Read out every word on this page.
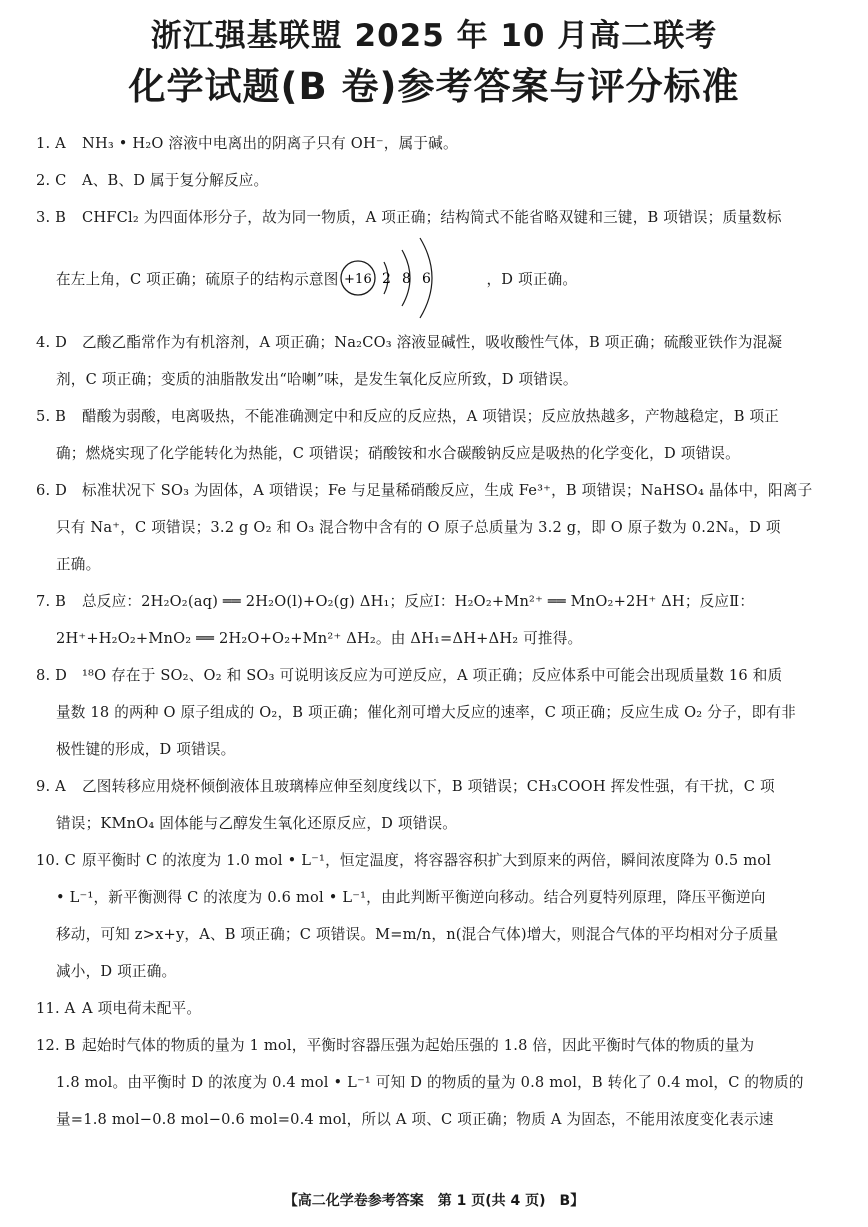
浙江强基联盟 2025 年 10 月高二联考
化学试题(B 卷)参考答案与评分标准
1. A NH₃ • H₂O 溶液中电离出的阴离子只有 OH⁻，属于碱。
2. C A、B、D 属于复分解反应。
3. B CHFCl₂ 为四面体形分子，故为同一物质，A 项正确；结构简式不能省略双键和三键，B 项错误；质量数标
在左上角，C 项正确；硫原子的结构示意图	，D 项正确。
+16 2 8 6
4. D 乙酸乙酯常作为有机溶剂，A 项正确；Na₂CO₃ 溶液显碱性，吸收酸性气体，B 项正确；硫酸亚铁作为混凝
剂，C 项正确；变质的油脂散发出“哈喇”味，是发生氧化反应所致，D 项错误。
5. B 醋酸为弱酸，电离吸热，不能准确测定中和反应的反应热，A 项错误；反应放热越多，产物越稳定，B 项正
确；燃烧实现了化学能转化为热能，C 项错误；硝酸铵和水合碳酸钠反应是吸热的化学变化，D 项错误。
6. D 标准状况下 SO₃ 为固体，A 项错误；Fe 与足量稀硝酸反应，生成 Fe³⁺，B 项错误；NaHSO₄ 晶体中，阳离子
只有 Na⁺，C 项错误；3.2 g O₂ 和 O₃ 混合物中含有的 O 原子总质量为 3.2 g，即 O 原子数为 0.2Nₐ，D 项
正确。
7. B 总反应：2H₂O₂(aq) ══ 2H₂O(l)+O₂(g) ΔH₁；反应Ⅰ：H₂O₂+Mn²⁺ ══ MnO₂+2H⁺ ΔH；反应Ⅱ：
2H⁺+H₂O₂+MnO₂ ══ 2H₂O+O₂+Mn²⁺ ΔH₂。由 ΔH₁=ΔH+ΔH₂ 可推得。
8. D ¹⁸O 存在于 SO₂、O₂ 和 SO₃ 可说明该反应为可逆反应，A 项正确；反应体系中可能会出现质量数 16 和质
量数 18 的两种 O 原子组成的 O₂，B 项正确；催化剂可增大反应的速率，C 项正确；反应生成 O₂ 分子，即有非
极性键的形成，D 项错误。
9. A 乙图转移应用烧杯倾倒液体且玻璃棒应伸至刻度线以下，B 项错误；CH₃COOH 挥发性强，有干扰，C 项
错误；KMnO₄ 固体能与乙醇发生氧化还原反应，D 项错误。
10. C 原平衡时 C 的浓度为 1.0 mol • L⁻¹，恒定温度，将容器容积扩大到原来的两倍，瞬间浓度降为 0.5 mol
• L⁻¹，新平衡测得 C 的浓度为 0.6 mol • L⁻¹，由此判断平衡逆向移动。结合列夏特列原理，降压平衡逆向
移动，可知 z>x+y，A、B 项正确；C 项错误。M=m/n，n(混合气体)增大，则混合气体的平均相对分子质量
减小，D 项正确。
11. A A 项电荷未配平。
12. B 起始时气体的物质的量为 1 mol，平衡时容器压强为起始压强的 1.8 倍，因此平衡时气体的物质的量为
1.8 mol。由平衡时 D 的浓度为 0.4 mol • L⁻¹ 可知 D 的物质的量为 0.8 mol，B 转化了 0.4 mol，C 的物质的
量=1.8 mol−0.8 mol−0.6 mol=0.4 mol，所以 A 项、C 项正确；物质 A 为固态，不能用浓度变化表示速
【高二化学卷参考答案　第 1 页(共 4 页)　B】
